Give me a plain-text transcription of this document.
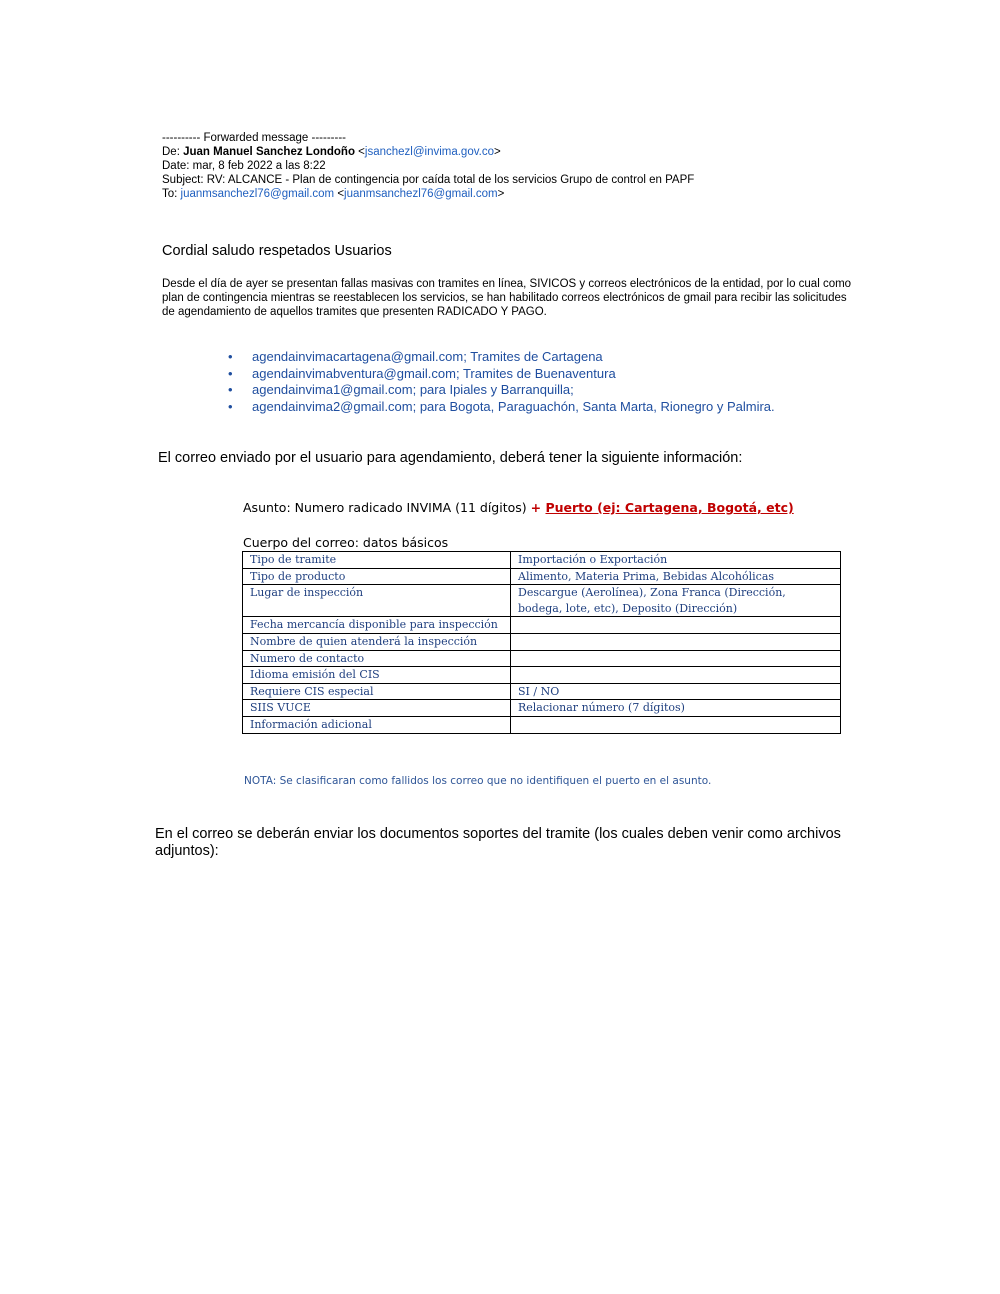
---------- Forwarded message ---------
De: Juan Manuel Sanchez Londoño <jsanchezl@invima.gov.co>
Date: mar, 8 feb 2022 a las 8:22
Subject: RV: ALCANCE - Plan de contingencia por caída total de los servicios Grupo de control en PAPF
To: juanmsanchezl76@gmail.com <juanmsanchezl76@gmail.com>
Cordial saludo respetados Usuarios
Desde el día de ayer se presentan fallas masivas con tramites en línea, SIVICOS y correos electrónicos de la entidad, por lo cual como plan de contingencia mientras se reestablecen los servicios, se han habilitado correos electrónicos de gmail para recibir las solicitudes de agendamiento de aquellos tramites que presenten RADICADO Y PAGO.
• agendainvimacartagena@gmail.com; Tramites de Cartagena
• agendainvimabventura@gmail.com; Tramites de Buenaventura
• agendainvima1@gmail.com; para Ipiales y Barranquilla;
• agendainvima2@gmail.com; para Bogota, Paraguachón, Santa Marta, Rionegro y Palmira.
El correo enviado por el usuario para agendamiento, deberá tener la siguiente información:
Asunto: Numero radicado INVIMA (11 dígitos) + Puerto (ej: Cartagena, Bogotá, etc)
Cuerpo del correo: datos básicos
Tipo de tramite	Importación o Exportación
Tipo de producto	Alimento, Materia Prima, Bebidas Alcohólicas
Lugar de inspección	Descargue (Aerolínea), Zona Franca (Dirección, bodega, lote, etc), Deposito (Dirección)
Fecha mercancía disponible para inspección	
Nombre de quien atenderá la inspección	
Numero de contacto	
Idioma emisión del CIS	
Requiere CIS especial	SI / NO
SIIS VUCE	Relacionar número (7 dígitos)
Información adicional	
NOTA: Se clasificaran como fallidos los correo que no identifiquen el puerto en el asunto.
En el correo se deberán enviar los documentos soportes del tramite (los cuales deben venir como archivos adjuntos):
